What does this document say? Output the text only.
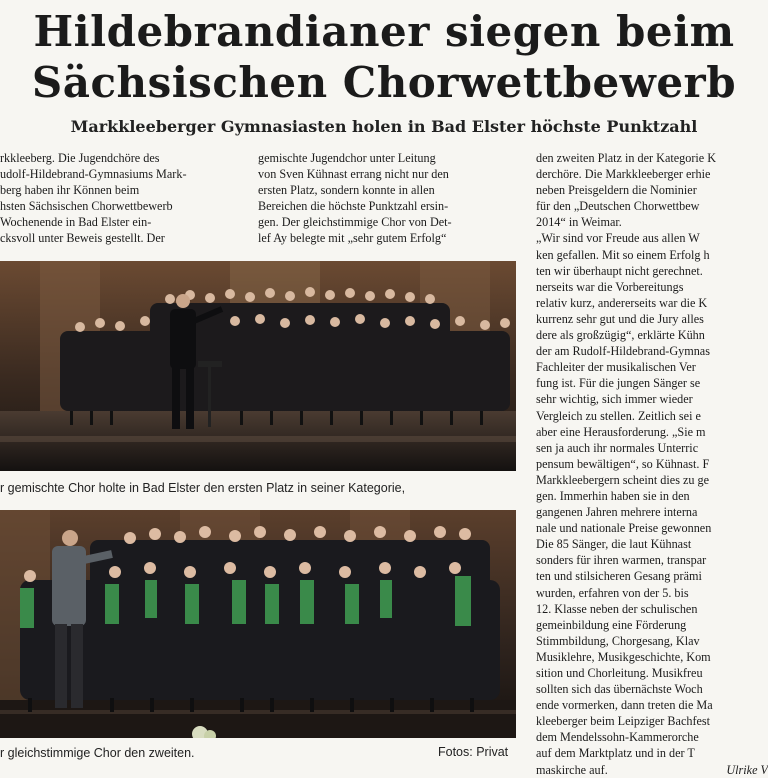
Hildebrandianer siegen beim
Sächsischen Chorwettbewerb
Markkleeberger Gymnasiasten holen in Bad Elster höchste Punktzahl
rkkleeberg. Die Jugendchöre des
udolf-Hildebrand-Gymnasiums Mark-
berg haben ihr Können beim
hsten Sächsischen Chorwettbewerb
Wochenende in Bad Elster ein-
cksvoll unter Beweis gestellt. Der
gemischte Jugendchor unter Leitung
von Sven Kühnast errang nicht nur den
ersten Platz, sondern konnte in allen
Bereichen die höchste Punktzahl ersin-
gen. Der gleichstimmige Chor von Det-
lef Ay belegte mit „sehr gutem Erfolg“
den zweiten Platz in der Kategorie K
derchöre. Die Markkleeberger erhie
neben Preisgeldern die Nominier
für den „Deutschen Chorwettbew
2014“ in Weimar.
„Wir sind vor Freude aus allen W
ken gefallen. Mit so einem Erfolg h
ten wir überhaupt nicht gerechnet.
nerseits war die Vorbereitungs
relativ kurz, andererseits war die K
kurrenz sehr gut und die Jury alles
dere als großzügig“, erklärte Kühn
der am Rudolf-Hildebrand-Gymnas
Fachleiter der musikalischen Ver
fung ist. Für die jungen Sänger se
sehr wichtig, sich immer wieder
Vergleich zu stellen. Zeitlich sei e
aber eine Herausforderung. „Sie m
sen ja auch ihr normales Unterric
pensum bewältigen“, so Kühnast. F
Markkleebergern scheint dies zu ge
gen. Immerhin haben sie in den
gangenen Jahren mehrere interna
nale und nationale Preise gewonnen
Die 85 Sänger, die laut Kühnast
sonders für ihren warmen, transpar
ten und stilsicheren Gesang prämi
wurden, erfahren von der 5. bis
12. Klasse neben der schulischen
gemeinbildung eine Förderung
Stimmbildung, Chorgesang, Klav
Musiklehre, Musikgeschichte, Kom
sition und Chorleitung. Musikfreu
sollten sich das übernächste Woch
ende vormerken, dann treten die Ma
kleeberger beim Leipziger Bachfest
dem Mendelssohn-Kammerorche
auf dem Marktplatz und in der T
maskirche auf.	Ulrike V
r gemischte Chor holte in Bad Elster den ersten Platz in seiner Kategorie,
r gleichstimmige Chor den zweiten.	Fotos: Privat
